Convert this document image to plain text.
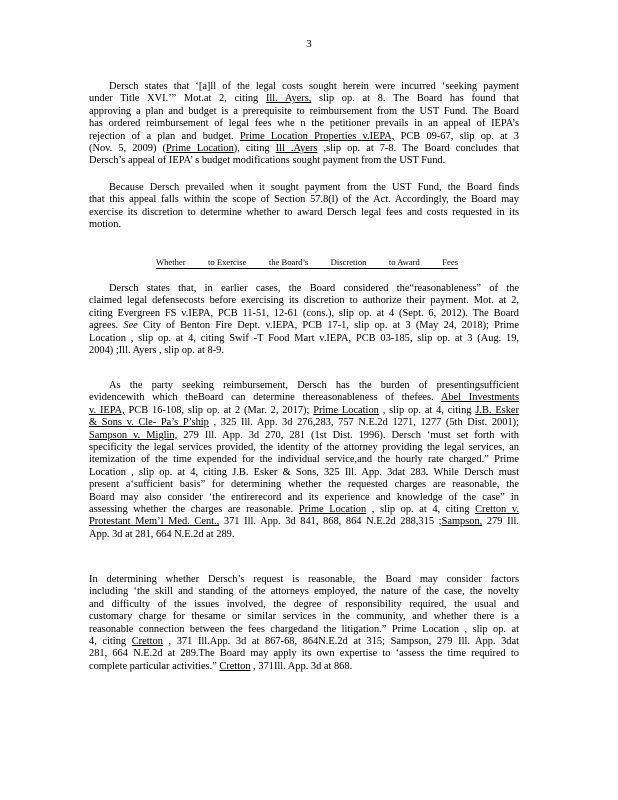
3
Dersch states that ‘[a]ll of the legal costs sought herein were incurred ‘seeking payment
under Title XVI.’” Mot.at 2, citing Ill. Ayers, slip op. at 8. The Board has found that
approving a plan and budget is a prerequisite to reimbursement from the UST Fund. The Board
has ordered reimbursement of legal fees whe n the petitioner prevails in an appeal of IEPA’s
rejection of a plan and budget. Prime Location Properties v.IEPA, PCB 09-67, slip op. at 3
(Nov. 5, 2009) (Prime Location), citing Ill .Ayers ,slip op. at 7-8. The Board concludes that
Dersch’s appeal of IEPA’ s budget modifications sought payment from the UST Fund.
Because Dersch prevailed when it sought payment from the UST Fund, the Board finds
that this appeal falls within the scope of Section 57.8(l) of the Act. Accordingly, the Board may
exercise its discretion to determine whether to award Dersch legal fees and costs requested in its
motion.
Whether	to Exercise	the Board’s	Discretion	to Award	Fees
Dersch states that, in earlier cases, the Board considered the“reasonableness” of the
claimed legal defensecosts before exercising its discretion to authorize their payment. Mot. at 2,
citing Evergreen FS v.IEPA, PCB 11-51, 12-61 (cons.), slip op. at 4 (Sept. 6, 2012). The Board
agrees. See City of Benton Fire Dept. v.IEPA, PCB 17-1, slip op. at 3 (May 24, 2018); Prime
Location , slip op. at 4, citing Swif -T Food Mart v.IEPA, PCB 03-185, slip op. at 3 (Aug. 19,
2004) ;Ill. Ayers , slip op. at 8-9.
As the party seeking reimbursement, Dersch has the burden of presentingsufficient
evidencewith which theBoard can determine thereasonableness of thefees. Abel Investments
v. IEPA, PCB 16-108, slip op. at 2 (Mar. 2, 2017); Prime Location , slip op. at 4, citing J.B. Esker
& Sons v. Cle- Pa’s P’ship , 325 Ill. App. 3d 276,283, 757 N.E.2d 1271, 1277 (5th Dist. 2001);
Sampson v. Miglin, 279 Ill. App. 3d 270, 281 (1st Dist. 1996). Dersch ‘must set forth with
specificity the legal services provided, the identity of the attorney providing the legal services, an
itemization of the time expended for the individual service,and the hourly rate charged.” Prime
Location , slip op. at 4, citing J.B. Esker & Sons, 325 Ill. App. 3dat 283. While Dersch must
present a‘sufficient basis” for determining whether the requested charges are reasonable, the
Board may also consider ‘the entirerecord and its experience and knowledge of the case” in
assessing whether the charges are reasonable. Prime Location , slip op. at 4, citing Cretton v.
Protestant Mem’l Med. Cent., 371 Ill. App. 3d 841, 868, 864 N.E.2d 288,315 ;Sampson, 279 Ill.
App. 3d at 281, 664 N.E.2d at 289.
In determining whether Dersch’s request is reasonable, the Board may consider factors
including ‘the skill and standing of the attorneys employed, the nature of the case, the novelty
and difficulty of the issues involved, the degree of responsibility required, the usual and
customary charge for thesame or similar services in the community, and whether there is a
reasonable connection between the fees chargedand the litigation.” Prime Location , slip op. at
4, citing Cretton , 371 Ill.App. 3d at 867-68, 864N.E.2d at 315; Sampson, 279 Ill. App. 3dat
281, 664 N.E.2d at 289.The Board may apply its own expertise to ‘assess the time required to
complete particular activities.” Cretton , 371Ill. App. 3d at 868.
